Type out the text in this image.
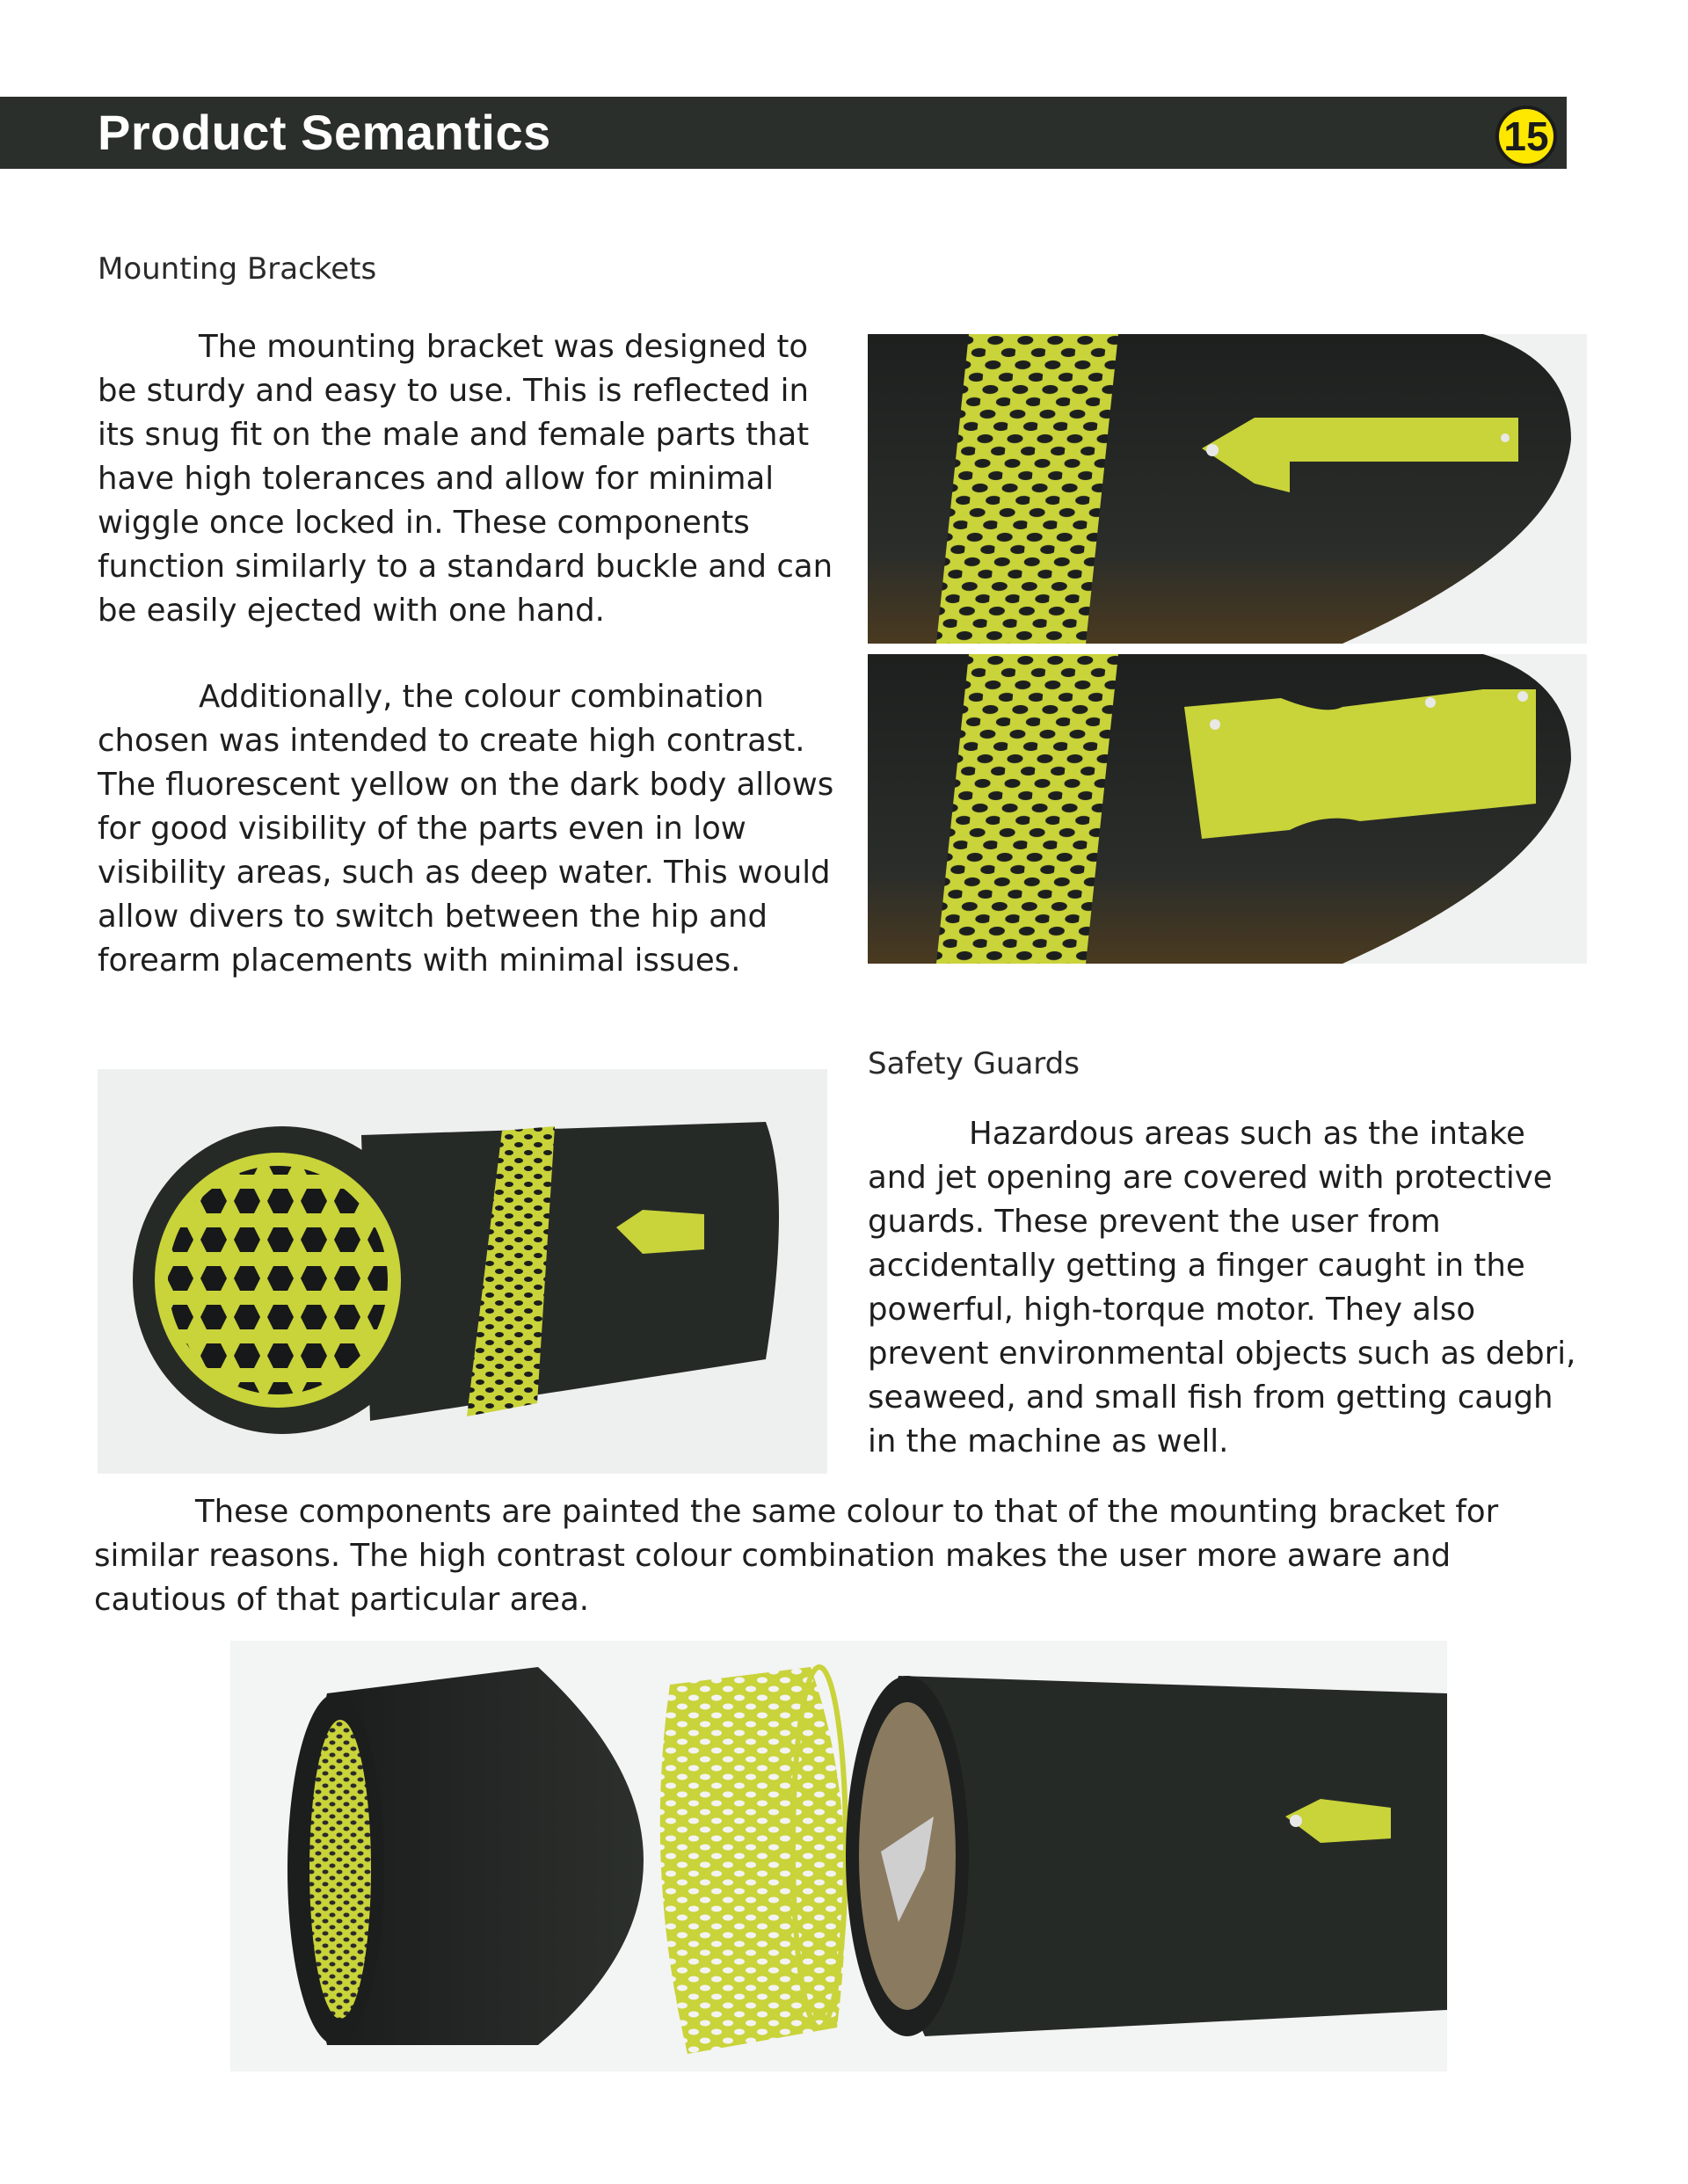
Product Semantics	15
Mounting Brackets

The mounting bracket was designed to be sturdy and easy to use. This is reflected in its snug fit on the male and female parts that have high tolerances and allow for minimal wiggle once locked in. These components function similarly to a standard buckle and can be easily ejected with one hand.

Additionally, the colour combination chosen was intended to create high contrast. The fluorescent yellow on the dark body allows for good visibility of the parts even in low visibility areas, such as deep water. This would allow divers to switch between the hip and forearm placements with minimal issues.

Safety Guards

Hazardous areas such as the intake and jet opening are covered with protective guards. These prevent the user from accidentally getting a finger caught in the powerful, high-torque motor. They also prevent environmental objects such as debri, seaweed, and small fish from getting caugh in the machine as well.

These components are painted the same colour to that of the mounting bracket for similar reasons. The high contrast colour combination makes the user more aware and cautious of that particular area.
